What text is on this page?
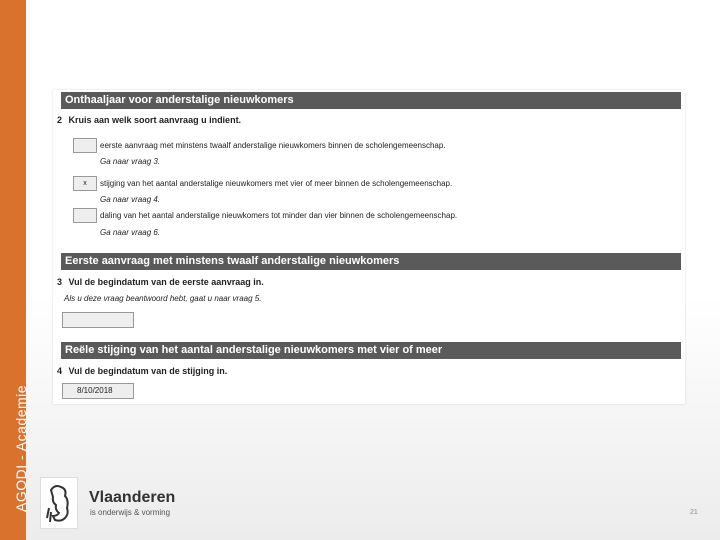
AGODI - Academie
Onthaaljaar voor anderstalige nieuwkomers
2 Kruis aan welk soort aanvraag u indient.
eerste aanvraag met minstens twaalf anderstalige nieuwkomers binnen de scholengemeenschap.
Ga naar vraag 3.
x	stijging van het aantal anderstalige nieuwkomers met vier of meer binnen de scholengemeenschap.
Ga naar vraag 4.
daling van het aantal anderstalige nieuwkomers tot minder dan vier binnen de scholengemeenschap.
Ga naar vraag 6.
Eerste aanvraag met minstens twaalf anderstalige nieuwkomers
3 Vul de begindatum van de eerste aanvraag in.
Als u deze vraag beantwoord hebt, gaat u naar vraag 5.
Reële stijging van het aantal anderstalige nieuwkomers met vier of meer
4 Vul de begindatum van de stijging in.
8/10/2018
Vlaanderen
is onderwijs & vorming	21
